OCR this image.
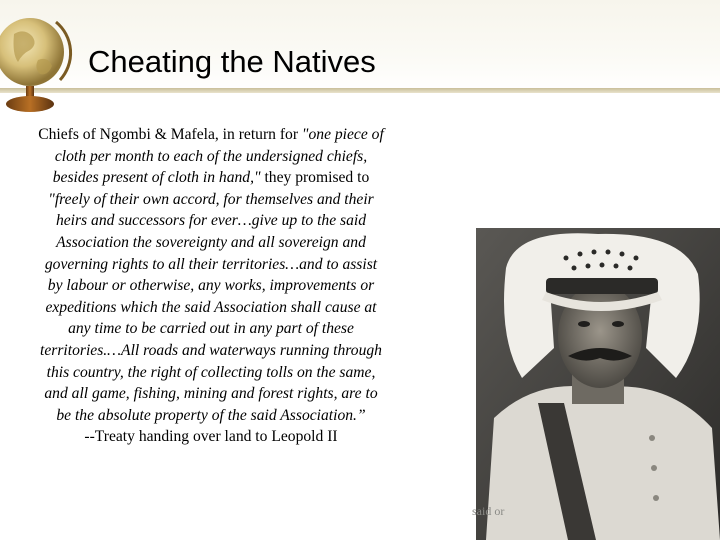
Cheating the Natives
Chiefs of Ngombi & Mafela, in return for "one piece of cloth per month to each of the undersigned chiefs, besides present of cloth in hand," they promised to "freely of their own accord, for themselves and their heirs and successors for ever…give up to the said Association the sovereignty and all sovereign and governing rights to all their territories…and to assist by labour or otherwise, any works, improvements or expeditions which the said Association shall cause at any time to be carried out in any part of these territories.…All roads and waterways running through this country, the right of collecting tolls on the same, and all game, fishing, mining and forest rights, are to be the absolute property of the said Association.”
--Treaty handing over land to Leopold II
said or
